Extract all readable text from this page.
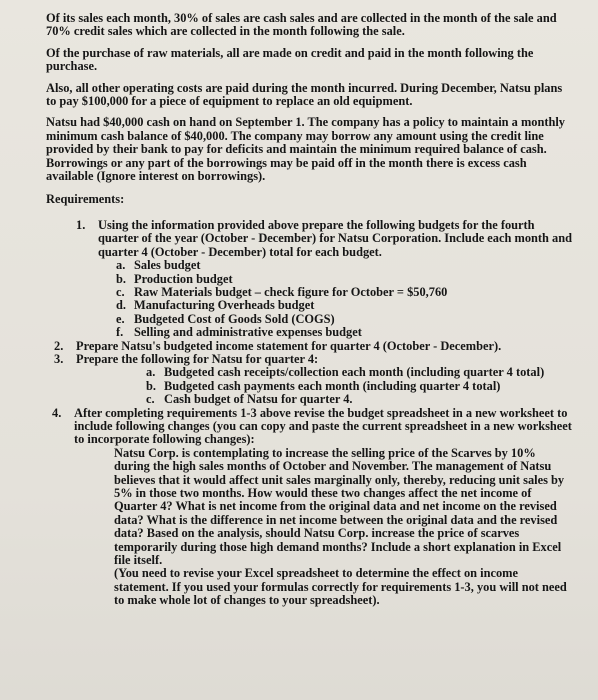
Of its sales each month, 30% of sales are cash sales and are collected in the month of the sale and 70% credit sales which are collected in the month following the sale.

Of the purchase of raw materials, all are made on credit and paid in the month following the purchase.

Also, all other operating costs are paid during the month incurred. During December, Natsu plans to pay $100,000 for a piece of equipment to replace an old equipment.

Natsu had $40,000 cash on hand on September 1. The company has a policy to maintain a monthly minimum cash balance of $40,000. The company may borrow any amount using the credit line provided by their bank to pay for deficits and maintain the minimum required balance of cash. Borrowings or any part of the borrowings may be paid off in the month there is excess cash available (Ignore interest on borrowings).

Requirements:

1. Using the information provided above prepare the following budgets for the fourth quarter of the year (October - December) for Natsu Corporation. Include each month and quarter 4 (October - December) total for each budget.
a. Sales budget
b. Production budget
c. Raw Materials budget – check figure for October = $50,760
d. Manufacturing Overheads budget
e. Budgeted Cost of Goods Sold (COGS)
f. Selling and administrative expenses budget
2. Prepare Natsu's budgeted income statement for quarter 4 (October - December).
3. Prepare the following for Natsu for quarter 4:
a. Budgeted cash receipts/collection each month (including quarter 4 total)
b. Budgeted cash payments each month (including quarter 4 total)
c. Cash budget of Natsu for quarter 4.
4. After completing requirements 1-3 above revise the budget spreadsheet in a new worksheet to include following changes (you can copy and paste the current spreadsheet in a new worksheet to incorporate following changes):

Natsu Corp. is contemplating to increase the selling price of the Scarves by 10% during the high sales months of October and November. The management of Natsu believes that it would affect unit sales marginally only, thereby, reducing unit sales by 5% in those two months. How would these two changes affect the net income of Quarter 4? What is net income from the original data and net income on the revised data? What is the difference in net income between the original data and the revised data? Based on the analysis, should Natsu Corp. increase the price of scarves temporarily during those high demand months? Include a short explanation in Excel file itself.

(You need to revise your Excel spreadsheet to determine the effect on income statement. If you used your formulas correctly for requirements 1-3, you will not need to make whole lot of changes to your spreadsheet).
